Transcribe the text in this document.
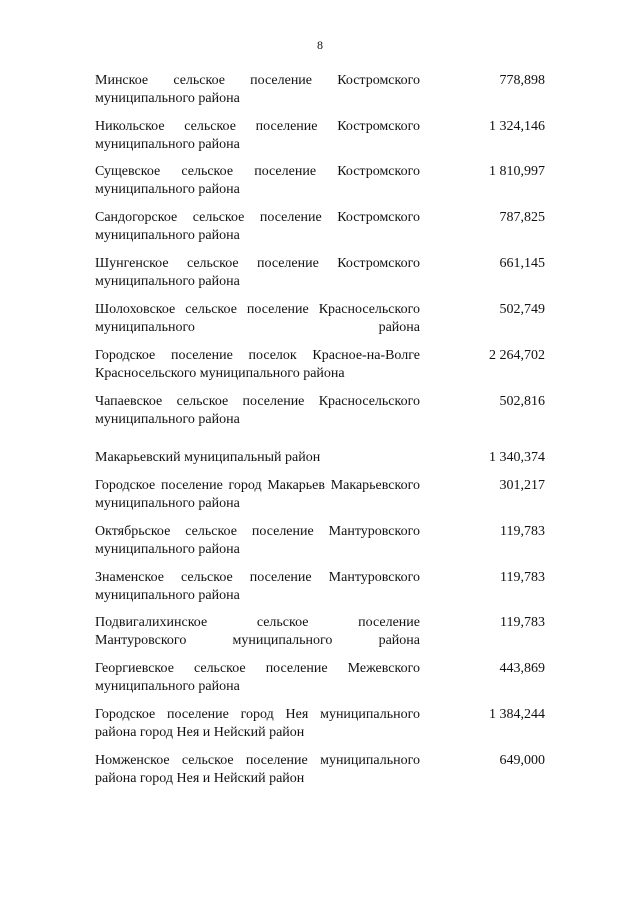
8
Минское сельское поселение Костромского муниципального района
778,898
Никольское сельское поселение Костромского муниципального района
1 324,146
Сущевское сельское поселение Костромского муниципального района
1 810,997
Сандогорское сельское поселение Костромского муниципального района
787,825
Шунгенское сельское поселение Костромского муниципального района
661,145
Шолоховское сельское поселение Красносельского муниципального района
502,749
Городское поселение поселок Красное-на-Волге Красносельского муниципального района
2 264,702
Чапаевское сельское поселение Красносельского муниципального района
502,816
Макарьевский муниципальный район	1 340,374
Городское поселение город Макарьев Макарьевского муниципального района
301,217
Октябрьское сельское поселение Мантуровского муниципального района
119,783
Знаменское сельское поселение Мантуровского муниципального района
119,783
Подвигалихинское сельское поселение Мантуровского муниципального района
119,783
Георгиевское сельское поселение Межевского муниципального района
443,869
Городское поселение город Нея муниципального района город Нея и Нейский район
1 384,244
Номженское сельское поселение муниципального района город Нея и Нейский район
649,000
